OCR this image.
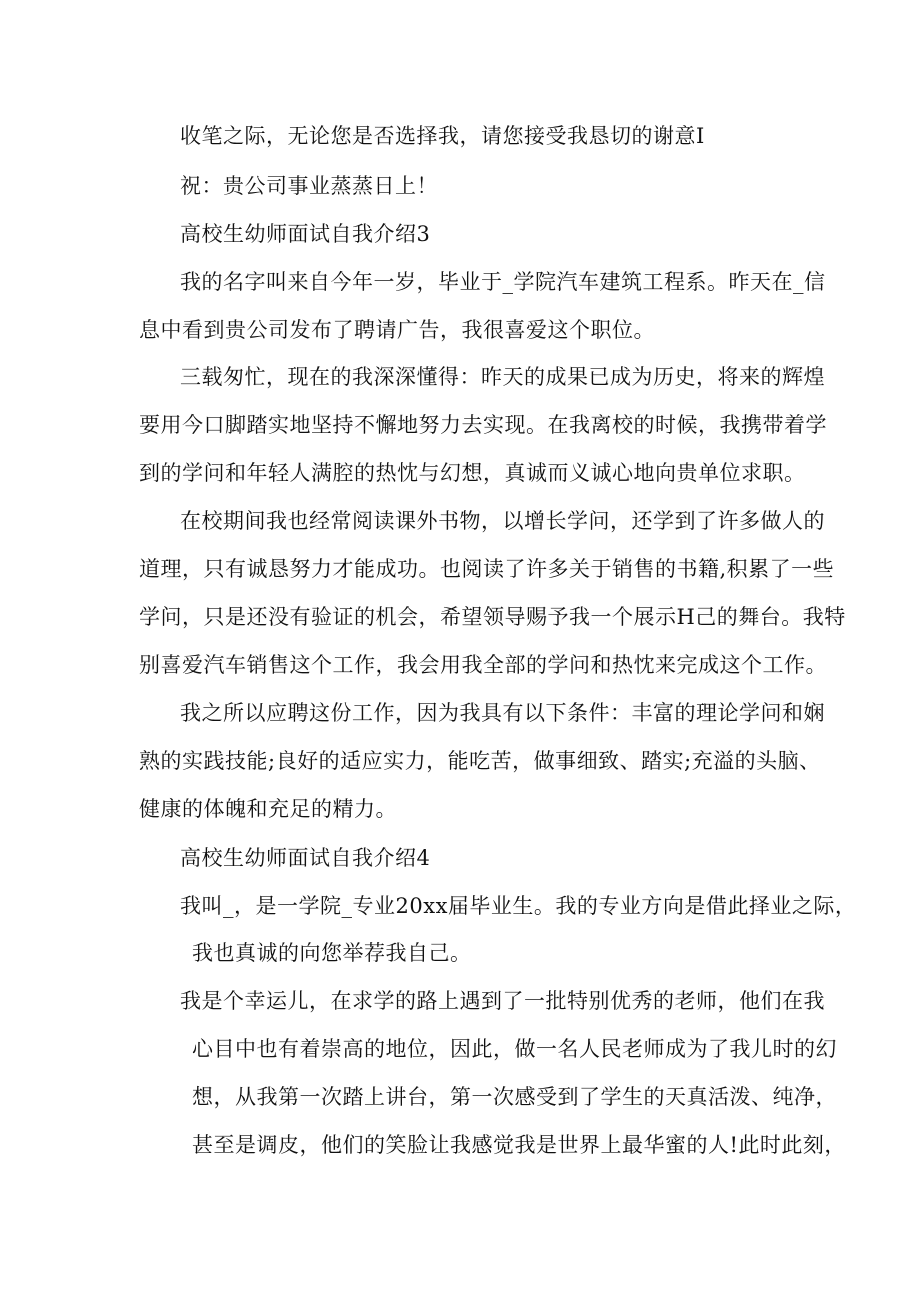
收笔之际，无论您是否选择我，请您接受我恳切的谢意I
祝：贵公司事业蒸蒸日上！
高校生幼师面试自我介绍3
我的名字叫来自今年一岁，毕业于_学院汽车建筑工程系。昨天在_信
息中看到贵公司发布了聘请广告，我很喜爱这个职位。
三载匆忙，现在的我深深懂得：昨天的成果已成为历史，将来的辉煌
要用今口脚踏实地坚持不懈地努力去实现。在我离校的时候，我携带着学
到的学问和年轻人满腔的热忱与幻想，真诚而义诚心地向贵单位求职。
在校期间我也经常阅读课外书物，以增长学问，还学到了许多做人的
道理，只有诚恳努力才能成功。也阅读了许多关于销售的书籍,积累了一些
学问，只是还没有验证的机会，希望领导赐予我一个展示H己的舞台。我特
别喜爱汽车销售这个工作，我会用我全部的学问和热忱来完成这个工作。
我之所以应聘这份工作，因为我具有以下条件：丰富的理论学问和娴
熟的实践技能;良好的适应实力，能吃苦，做事细致、踏实;充溢的头脑、
健康的体魄和充足的精力。
高校生幼师面试自我介绍4
我叫_，是一学院_专业20xx届毕业生。我的专业方向是借此择业之际，
我也真诚的向您举荐我自己。
我是个幸运儿，在求学的路上遇到了一批特别优秀的老师，他们在我
心目中也有着崇高的地位，因此，做一名人民老师成为了我儿时的幻
想，从我第一次踏上讲台，第一次感受到了学生的天真活泼、纯净，
甚至是调皮，他们的笑脸让我感觉我是世界上最华蜜的人!此时此刻，
